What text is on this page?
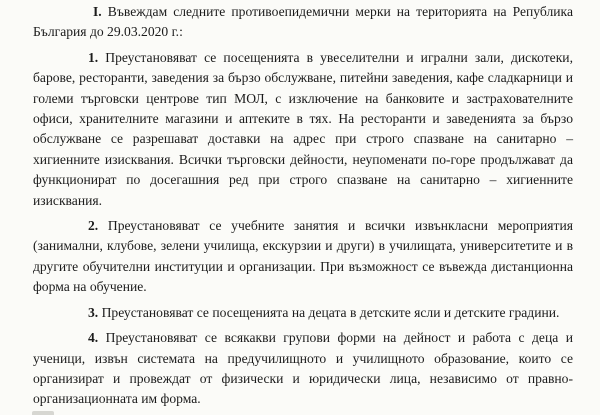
I. Въвеждам следните противоепидемични мерки на територията на Република България до 29.03.2020 г.:

1. Преустановяват се посещенията в увеселителни и игрални зали, дискотеки, барове, ресторанти, заведения за бързо обслужване, питейни заведения, кафе сладкарници и големи търговски центрове тип МОЛ, с изключение на банковите и застрахователните офиси, хранителните магазини и аптеките в тях. На ресторанти и заведенията за бързо обслужване се разрешават доставки на адрес при строго спазване на санитарно – хигиенните изисквания. Всички търговски дейности, неупоменати по-горе продължават да функционират по досегашния ред при строго спазване на санитарно – хигиенните изисквания.

2. Преустановяват се учебните занятия и всички извънкласни мероприятия (занимални, клубове, зелени училища, екскурзии и други) в училищата, университетите и в другите обучителни институции и организации. При възможност се въвежда дистанционна форма на обучение.

3. Преустановяват се посещенията на децата в детските ясли и детските градини.

4. Преустановяват се всякакви групови форми на дейност и работа с деца и ученици, извън системата на предучилищното и училищното образование, които се организират и провеждат от физически и юридически лица, независимо от правно-организационната им форма.
